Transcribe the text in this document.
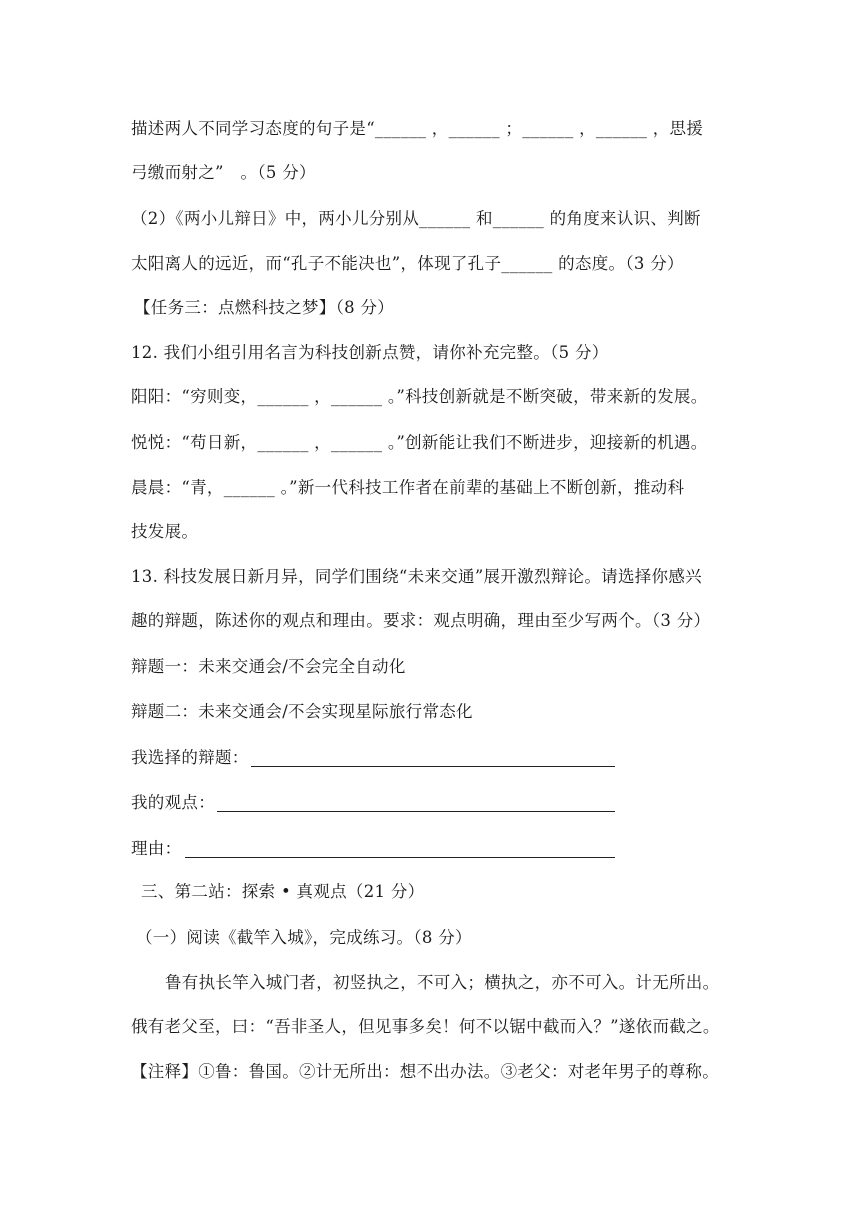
描述两人不同学习态度的句子是“______ ，______ ；______ ，______ ，思援
弓缴而射之”　。（5 分）
（2）《两小儿辩日》中，两小儿分别从______ 和______ 的角度来认识、判断
太阳离人的远近，而“孔子不能决也”，体现了孔子______ 的态度。（3 分）
【任务三：点燃科技之梦】（8 分）
12. 我们小组引用名言为科技创新点赞，请你补充完整。（5 分）
阳阳：“穷则变，______ ，______ 。”科技创新就是不断突破，带来新的发展。
悦悦：“苟日新，______ ，______ 。”创新能让我们不断进步，迎接新的机遇。
晨晨：“青，______ 。”新一代科技工作者在前辈的基础上不断创新，推动科
技发展。
13. 科技发展日新月异，同学们围绕“未来交通”展开激烈辩论。请选择你感兴
趣的辩题，陈述你的观点和理由。要求：观点明确，理由至少写两个。（3 分）
辩题一：未来交通会/不会完全自动化
辩题二：未来交通会/不会实现星际旅行常态化
我选择的辩题：
我的观点：
理由：
三、第二站：探索 • 真观点（21 分）
（一）阅读《截竿入城》，完成练习。（8 分）
鲁有执长竿入城门者，初竖执之，不可入；横执之，亦不可入。计无所出。
俄有老父至，曰：“吾非圣人，但见事多矣！何不以锯中截而入？”遂依而截之。
【注释】①鲁：鲁国。②计无所出：想不出办法。③老父：对老年男子的尊称。
